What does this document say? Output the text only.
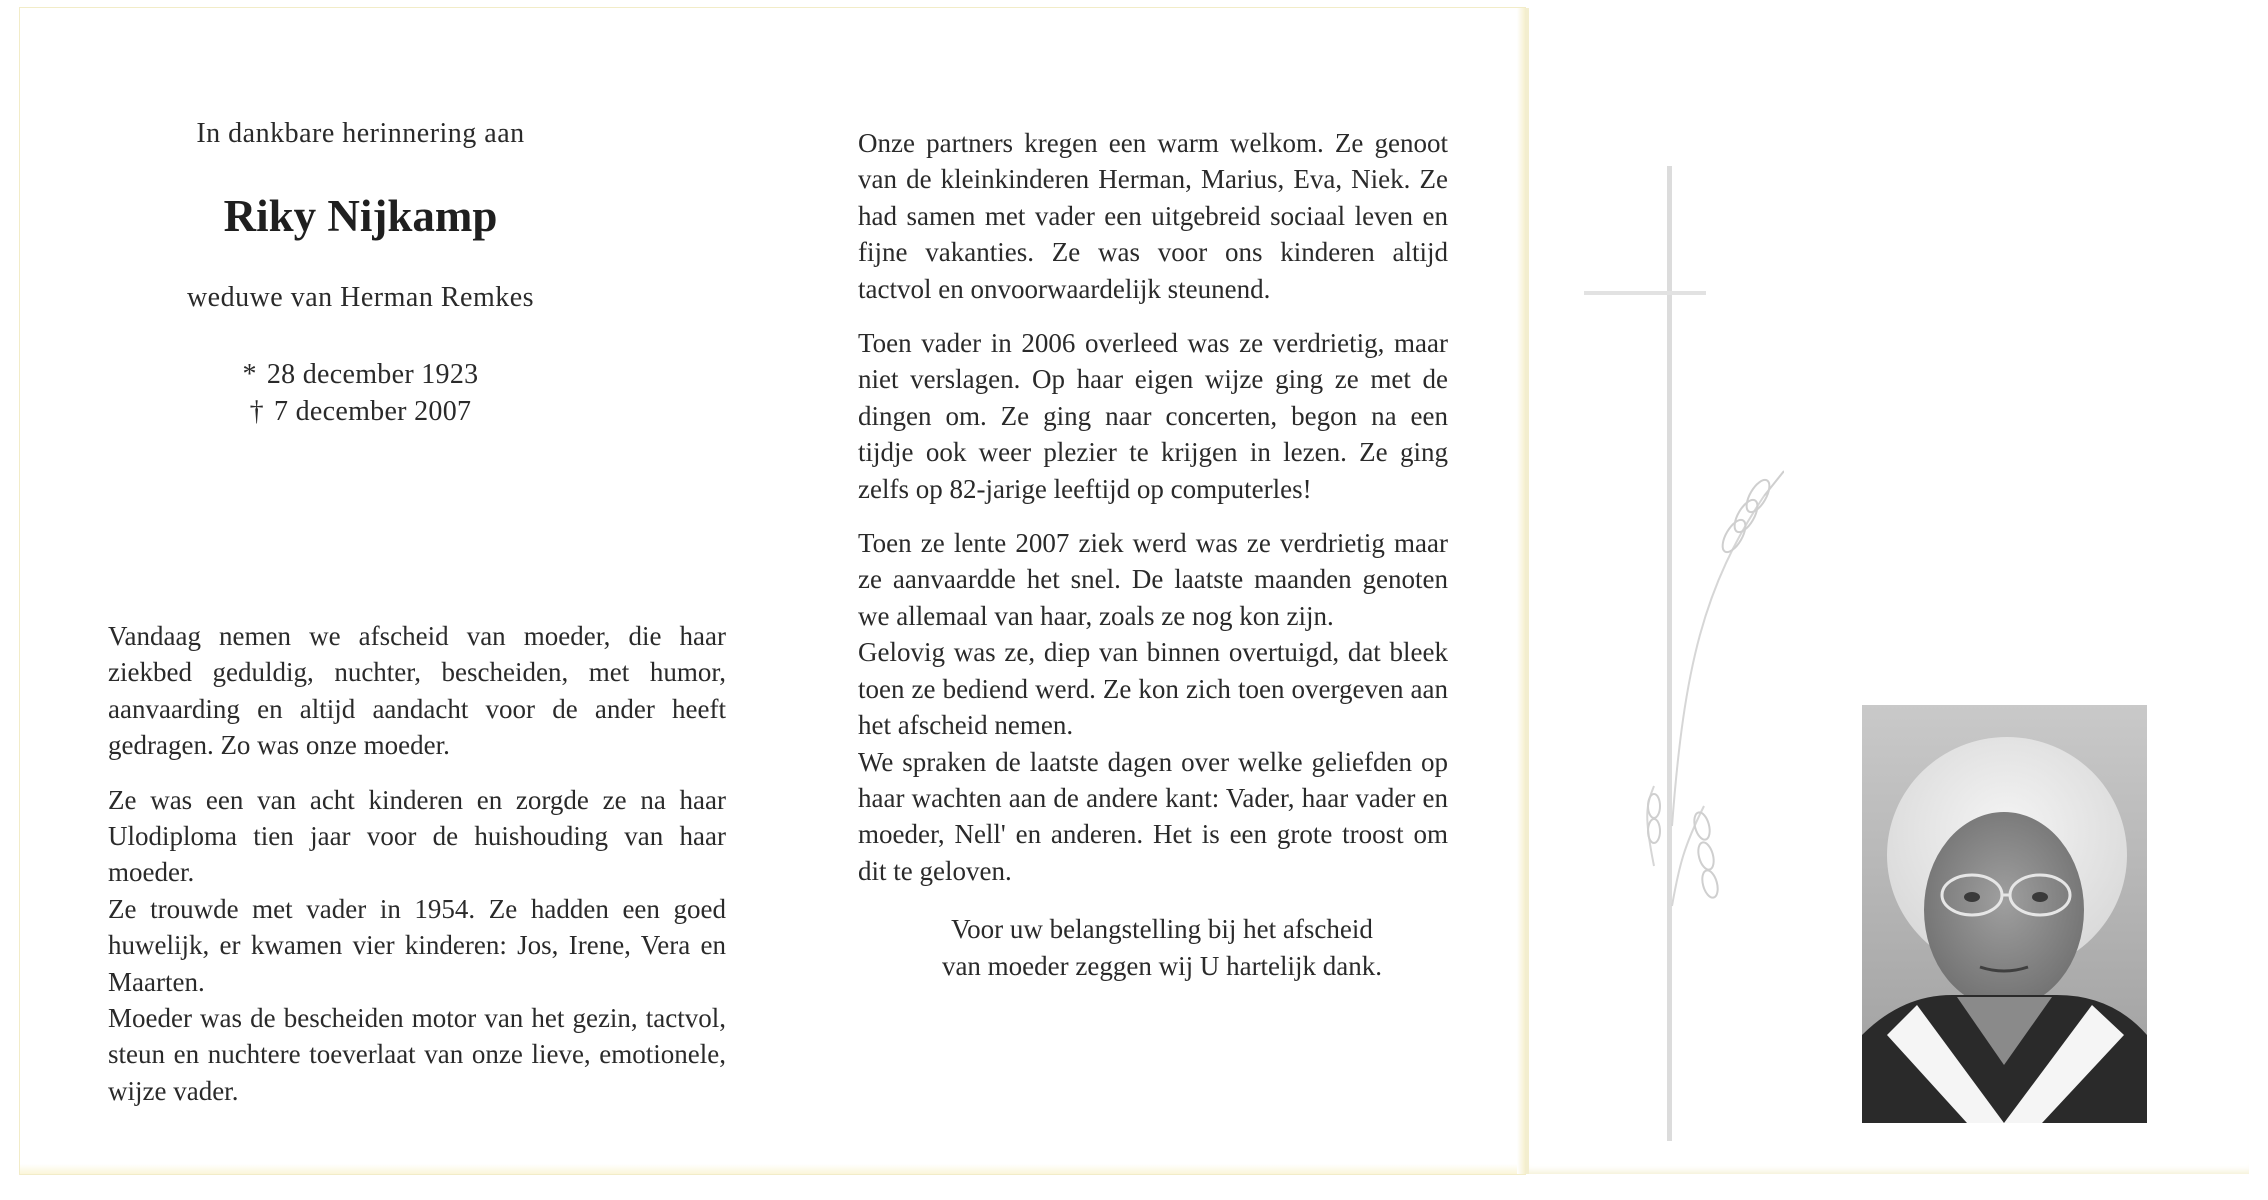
In dankbare herinnering aan

Riky Nijkamp

weduwe van Herman Remkes

* 28 december 1923
† 7 december 2007

Vandaag nemen we afscheid van moeder, die haar ziekbed geduldig, nuchter, bescheiden, met humor, aanvaarding en altijd aandacht voor de ander heeft gedragen. Zo was onze moeder.

Ze was een van acht kinderen en zorgde ze na haar Ulodiploma tien jaar voor de huishouding van haar moeder.

Ze trouwde met vader in 1954. Ze hadden een goed huwelijk, er kwamen vier kinderen: Jos, Irene, Vera en Maarten.

Moeder was de bescheiden motor van het gezin, tactvol, steun en nuchtere toeverlaat van onze lieve, emotionele, wijze vader.

Onze partners kregen een warm welkom. Ze genoot van de kleinkinderen Herman, Marius, Eva, Niek. Ze had samen met vader een uitgebreid sociaal leven en fijne vakanties. Ze was voor ons kinderen altijd tactvol en onvoorwaardelijk steunend.

Toen vader in 2006 overleed was ze verdrietig, maar niet verslagen. Op haar eigen wijze ging ze met de dingen om. Ze ging naar concerten, begon na een tijdje ook weer plezier te krijgen in lezen. Ze ging zelfs op 82-jarige leeftijd op computerles!

Toen ze lente 2007 ziek werd was ze verdrietig maar ze aanvaardde het snel. De laatste maanden genoten we allemaal van haar, zoals ze nog kon zijn.

Gelovig was ze, diep van binnen overtuigd, dat bleek toen ze bediend werd. Ze kon zich toen overgeven aan het afscheid nemen.

We spraken de laatste dagen over welke geliefden op haar wachten aan de andere kant: Vader, haar vader en moeder, Nell' en anderen. Het is een grote troost om dit te geloven.

Voor uw belangstelling bij het afscheid

van moeder zeggen wij U hartelijk dank.
